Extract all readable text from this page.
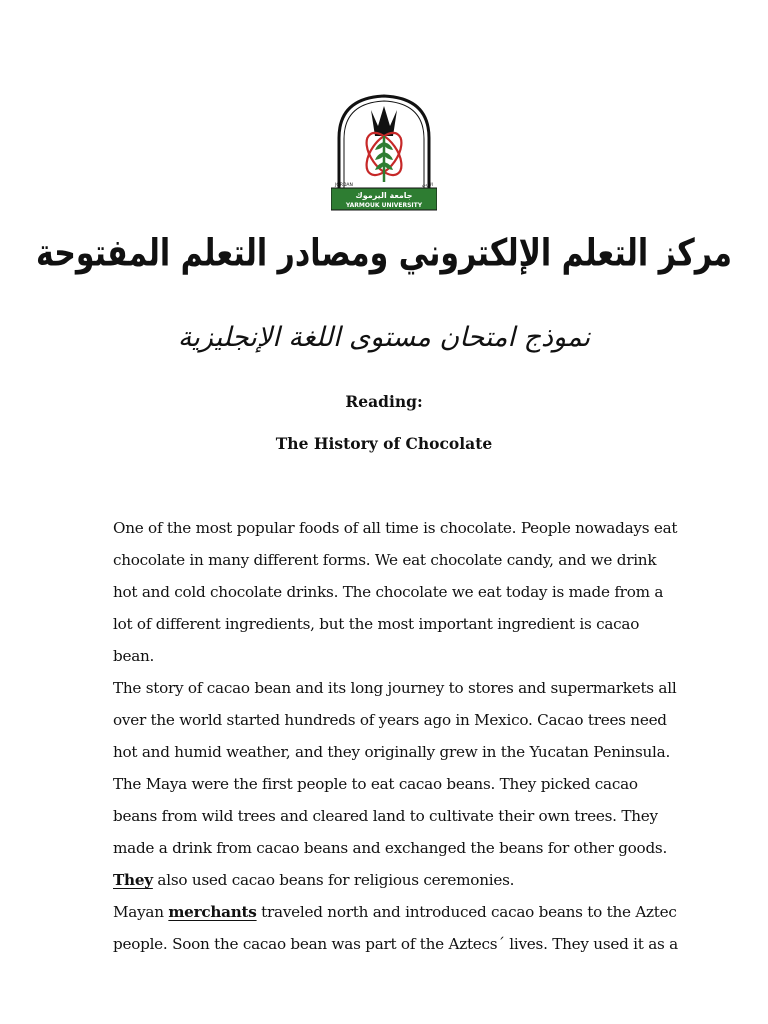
جامعة اليرموك
YARMOUK UNIVERSITY
JORDAN	الأردن
مركز التعلم الإلكتروني ومصادر التعلم المفتوحة
نموذج امتحان مستوى اللغة الإنجليزية
Reading:
The History of Chocolate

One of the most popular foods of all time is chocolate. People nowadays eat chocolate in many different forms. We eat chocolate candy, and we drink hot and cold chocolate drinks. The chocolate we eat today is made from a lot of different ingredients, but the most important ingredient is cacao bean.

The story of cacao bean and its long journey to stores and supermarkets all over the world started hundreds of years ago in Mexico. Cacao trees need hot and humid weather, and they originally grew in the Yucatan Peninsula.

The Maya were the first people to eat cacao beans. They picked cacao beans from wild trees and cleared land to cultivate their own trees. They made a drink from cacao beans and exchanged the beans for other goods. They also used cacao beans for religious ceremonies.

Mayan merchants traveled north and introduced cacao beans to the Aztec people. Soon the cacao bean was part of the Aztecs´ lives. They used it as a
